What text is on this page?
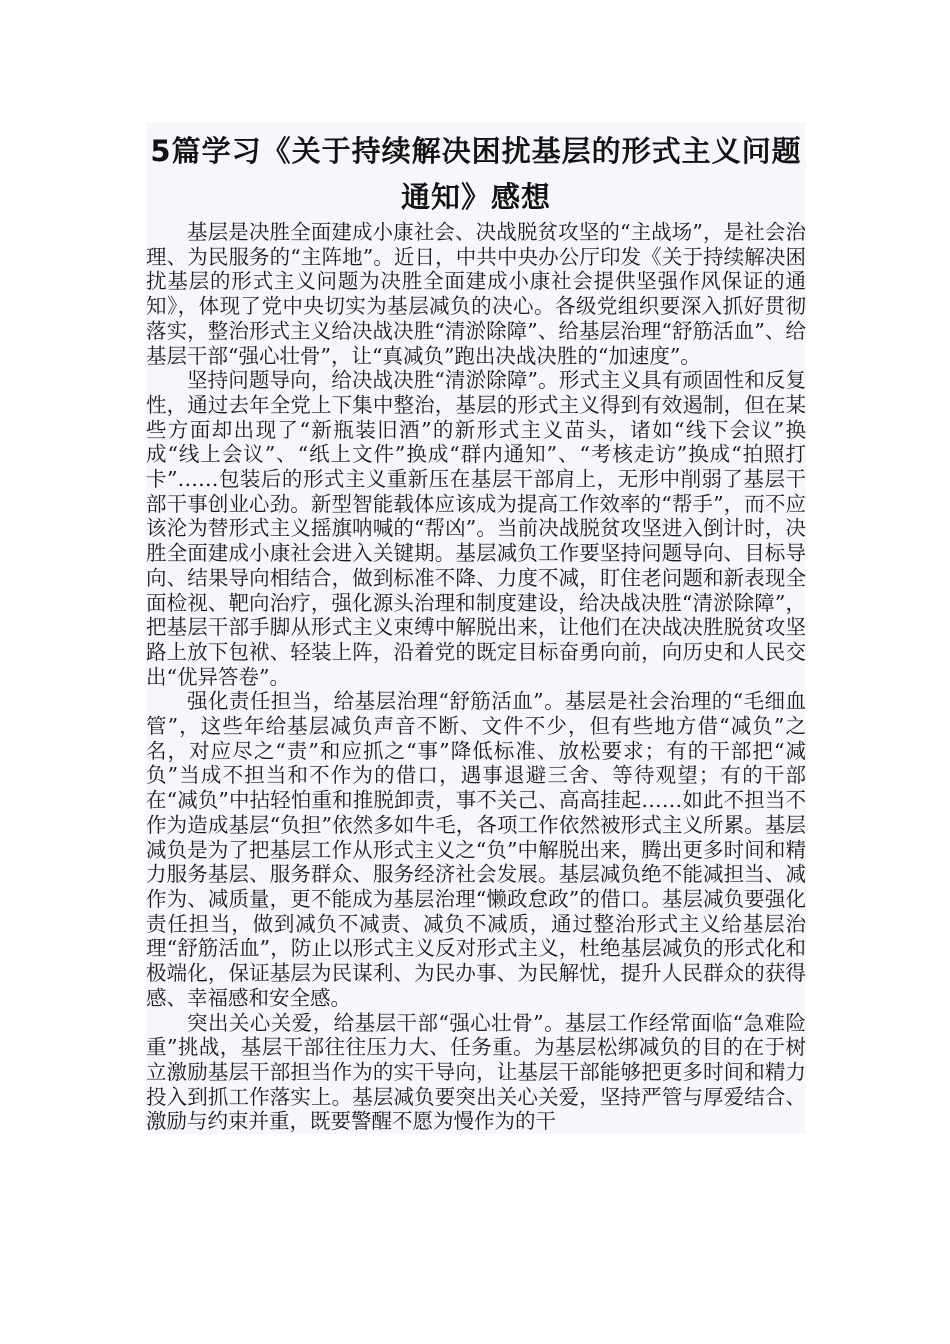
5篇学习《关于持续解决困扰基层的形式主义问题通知》感想

基层是决胜全面建成小康社会、决战脱贫攻坚的“主战场”，是社会治理、为民服务的“主阵地”。近日，中共中央办公厅印发《关于持续解决困扰基层的形式主义问题为决胜全面建成小康社会提供坚强作风保证的通知》，体现了党中央切实为基层减负的决心。各级党组织要深入抓好贯彻落实，整治形式主义给决战决胜“清淤除障”、给基层治理“舒筋活血”、给基层干部“强心壮骨”，让“真减负”跑出决战决胜的“加速度”。

坚持问题导向，给决战决胜“清淤除障”。形式主义具有顽固性和反复性，通过去年全党上下集中整治，基层的形式主义得到有效遏制，但在某些方面却出现了“新瓶装旧酒”的新形式主义苗头，诸如“线下会议”换成“线上会议”、“纸上文件”换成“群内通知”、“考核走访”换成“拍照打卡”……包装后的形式主义重新压在基层干部肩上，无形中削弱了基层干部干事创业心劲。新型智能载体应该成为提高工作效率的“帮手”，而不应该沦为替形式主义摇旗呐喊的“帮凶”。当前决战脱贫攻坚进入倒计时，决胜全面建成小康社会进入关键期。基层减负工作要坚持问题导向、目标导向、结果导向相结合，做到标准不降、力度不减，盯住老问题和新表现全面检视、靶向治疗，强化源头治理和制度建设，给决战决胜“清淤除障”，把基层干部手脚从形式主义束缚中解脱出来，让他们在决战决胜脱贫攻坚路上放下包袱、轻装上阵，沿着党的既定目标奋勇向前，向历史和人民交出“优异答卷”。

强化责任担当，给基层治理“舒筋活血”。基层是社会治理的“毛细血管”，这些年给基层减负声音不断、文件不少，但有些地方借“减负”之名，对应尽之“责”和应抓之“事”降低标准、放松要求；有的干部把“减负”当成不担当和不作为的借口，遇事退避三舍、等待观望；有的干部在“减负”中拈轻怕重和推脱卸责，事不关己、高高挂起……如此不担当不作为造成基层“负担”依然多如牛毛，各项工作依然被形式主义所累。基层减负是为了把基层工作从形式主义之“负”中解脱出来，腾出更多时间和精力服务基层、服务群众、服务经济社会发展。基层减负绝不能减担当、减作为、减质量，更不能成为基层治理“懒政怠政”的借口。基层减负要强化责任担当，做到减负不减责、减负不减质，通过整治形式主义给基层治理“舒筋活血”，防止以形式主义反对形式主义，杜绝基层减负的形式化和极端化，保证基层为民谋利、为民办事、为民解忧，提升人民群众的获得感、幸福感和安全感。

突出关心关爱，给基层干部“强心壮骨”。基层工作经常面临“急难险重”挑战，基层干部往往压力大、任务重。为基层松绑减负的目的在于树立激励基层干部担当作为的实干导向，让基层干部能够把更多时间和精力投入到抓工作落实上。基层减负要突出关心关爱，坚持严管与厚爱结合、激励与约束并重，既要警醒不愿为慢作为的干
